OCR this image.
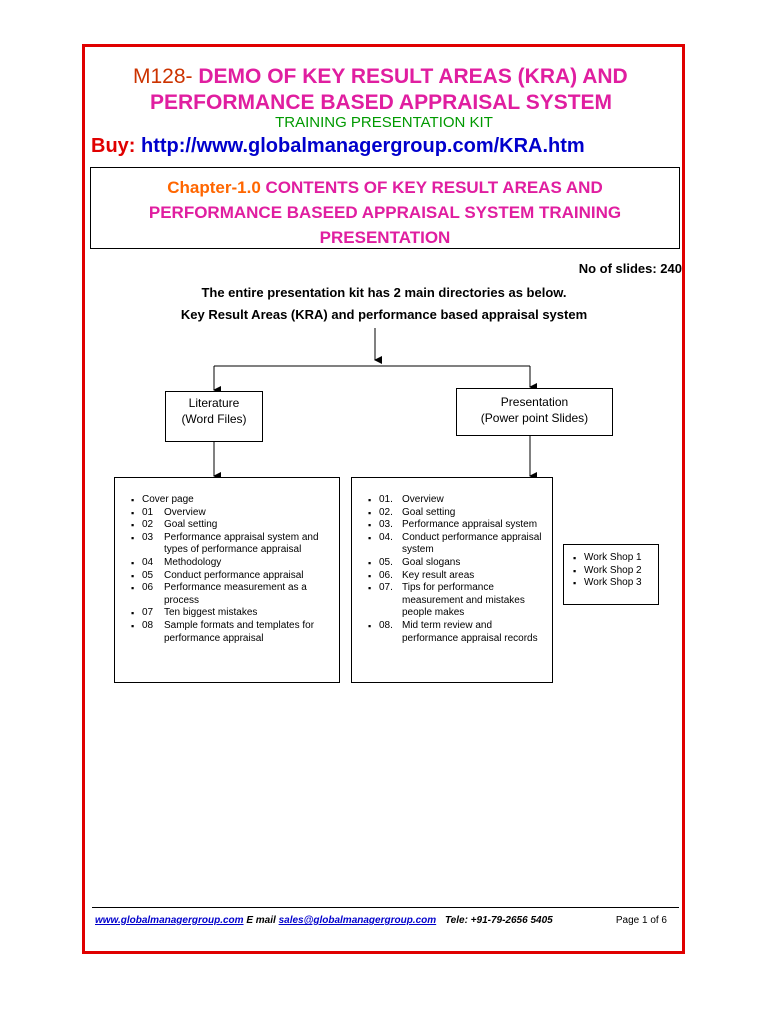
M128- DEMO OF KEY RESULT AREAS (KRA) AND
PERFORMANCE BASED APPRAISAL SYSTEM
TRAINING PRESENTATION KIT
Buy: http://www.globalmanagergroup.com/KRA.htm
Chapter-1.0 CONTENTS OF KEY RESULT AREAS AND
PERFORMANCE BASEED APPRAISAL SYSTEM TRAINING
PRESENTATION
No of slides: 240
The entire presentation kit has 2 main directories as below.
Key Result Areas (KRA) and performance based appraisal system
Literature
(Word Files)
Presentation
(Power point Slides)
▪ Cover page
▪ 01	Overview
▪ 02	Goal setting
▪ 03	Performance appraisal system and types of performance appraisal
▪ 04	Methodology
▪ 05	Conduct performance appraisal
▪ 06	Performance measurement as a process
▪ 07	Ten biggest mistakes
▪ 08	Sample formats and templates for performance appraisal
▪ 01. Overview
▪ 02. Goal setting
▪ 03. Performance appraisal system
▪ 04. Conduct performance appraisal system
▪ 05. Goal slogans
▪ 06. Key result areas
▪ 07. Tips for performance measurement and mistakes people makes
▪ 08. Mid term review and performance appraisal records
▪ Work Shop 1
▪ Work Shop 2
▪ Work Shop 3
www.globalmanagergroup.com E mail sales@globalmanagergroup.com Tele: +91-79-2656 5405	Page 1 of 6
